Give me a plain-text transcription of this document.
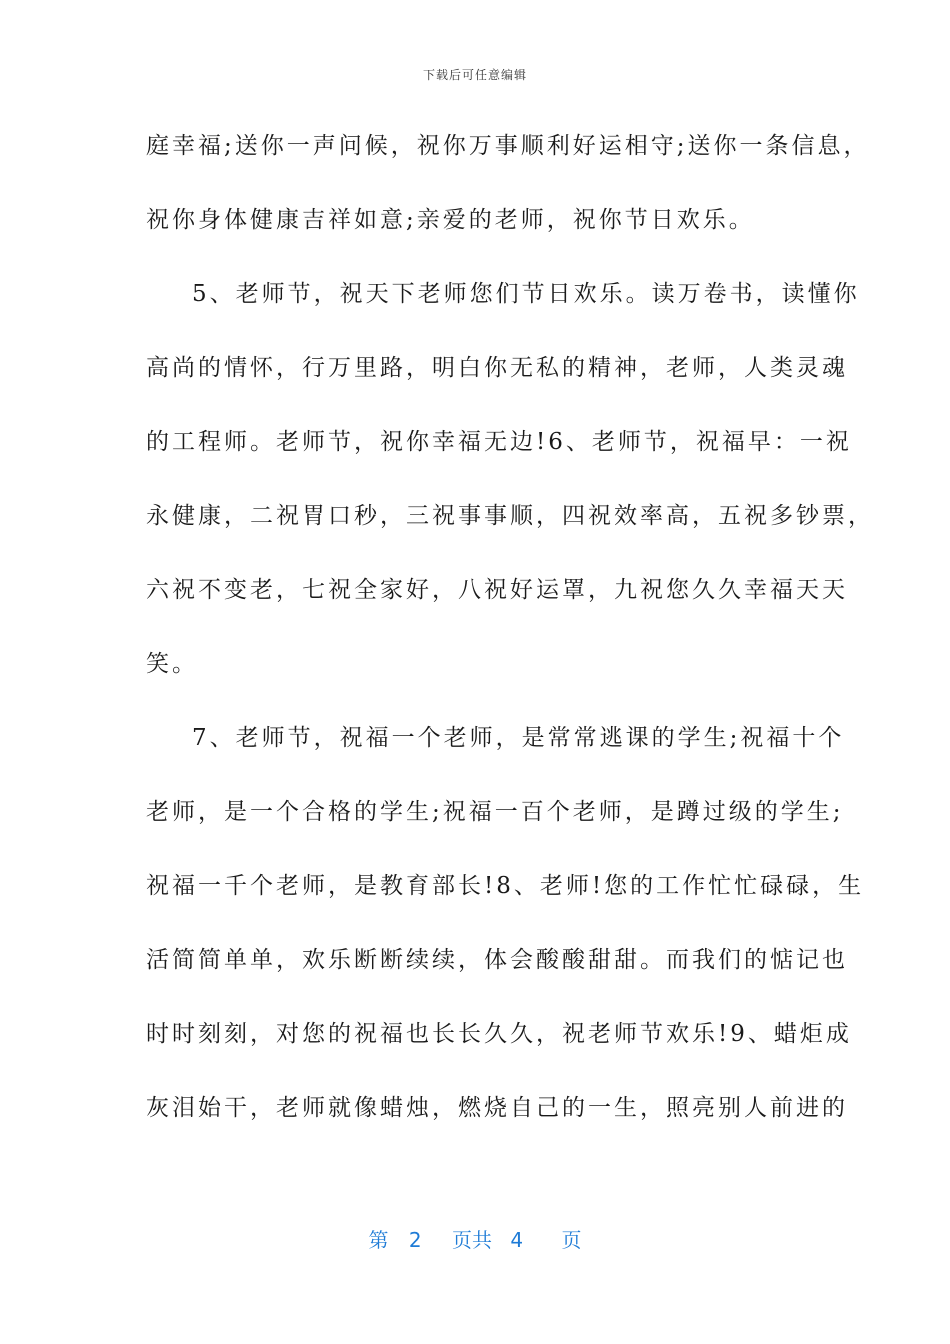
下载后可任意编辑
庭幸福;送你一声问候，祝你万事顺利好运相守;送你一条信息，
祝你身体健康吉祥如意;亲爱的老师，祝你节日欢乐。
5、老师节，祝天下老师您们节日欢乐。读万卷书，读懂你
高尚的情怀，行万里路，明白你无私的精神，老师，人类灵魂
的工程师。老师节，祝你幸福无边!6、老师节，祝福早：一祝
永健康，二祝胃口秒，三祝事事顺，四祝效率高，五祝多钞票，
六祝不变老，七祝全家好，八祝好运罩，九祝您久久幸福天天
笑。
7、老师节，祝福一个老师，是常常逃课的学生;祝福十个
老师，是一个合格的学生;祝福一百个老师，是蹲过级的学生;
祝福一千个老师，是教育部长!8、老师!您的工作忙忙碌碌，生
活简简单单，欢乐断断续续，体会酸酸甜甜。而我们的惦记也
时时刻刻，对您的祝福也长长久久，祝老师节欢乐!9、蜡炬成
灰泪始干，老师就像蜡烛，燃烧自己的一生，照亮别人前进的
第 2 页共 4 页
